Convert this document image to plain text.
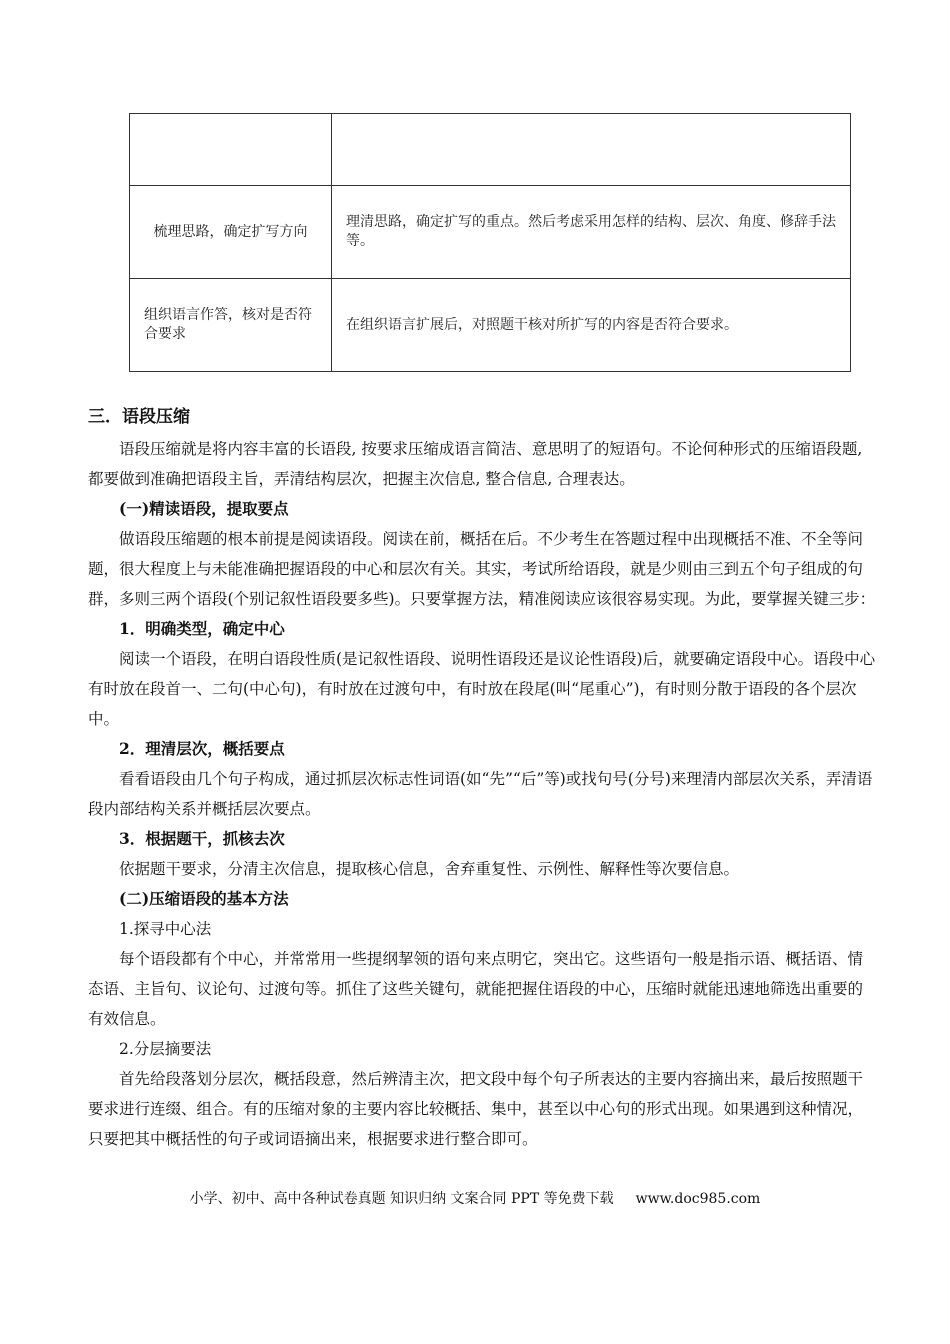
梳理思路，确定扩写方向	理清思路，确定扩写的重点。然后考虑采用怎样的结构、层次、角度、修辞手法等。
组织语言作答，核对是否符合要求	在组织语言扩展后，对照题干核对所扩写的内容是否符合要求。

三．语段压缩

语段压缩就是将内容丰富的长语段, 按要求压缩成语言简洁、意思明了的短语句。不论何种形式的压缩语段题, 都要做到准确把语段主旨，弄清结构层次，把握主次信息, 整合信息, 合理表达。

(一)精读语段，提取要点

做语段压缩题的根本前提是阅读语段。阅读在前，概括在后。不少考生在答题过程中出现概括不准、不全等问题，很大程度上与未能准确把握语段的中心和层次有关。其实，考试所给语段，就是少则由三到五个句子组成的句群，多则三两个语段(个别记叙性语段要多些)。只要掌握方法，精准阅读应该很容易实现。为此，要掌握关键三步：

1．明确类型，确定中心

阅读一个语段，在明白语段性质(是记叙性语段、说明性语段还是议论性语段)后，就要确定语段中心。语段中心有时放在段首一、二句(中心句)，有时放在过渡句中，有时放在段尾(叫“尾重心”)，有时则分散于语段的各个层次中。

2．理清层次，概括要点

看看语段由几个句子构成，通过抓层次标志性词语(如“先”“后”等)或找句号(分号)来理清内部层次关系，弄清语段内部结构关系并概括层次要点。

3．根据题干，抓核去次

依据题干要求，分清主次信息，提取核心信息，舍弃重复性、示例性、解释性等次要信息。

(二)压缩语段的基本方法

1.探寻中心法

每个语段都有个中心，并常常用一些提纲挈领的语句来点明它，突出它。这些语句一般是指示语、概括语、情态语、主旨句、议论句、过渡句等。抓住了这些关键句，就能把握住语段的中心，压缩时就能迅速地筛选出重要的有效信息。

2.分层摘要法

首先给段落划分层次，概括段意，然后辨清主次，把文段中每个句子所表达的主要内容摘出来，最后按照题干要求进行连缀、组合。有的压缩对象的主要内容比较概括、集中，甚至以中心句的形式出现。如果遇到这种情况，只要把其中概括性的句子或词语摘出来，根据要求进行整合即可。

小学、初中、高中各种试卷真题 知识归纳 文案合同 PPT 等免费下载 www.doc985.com
